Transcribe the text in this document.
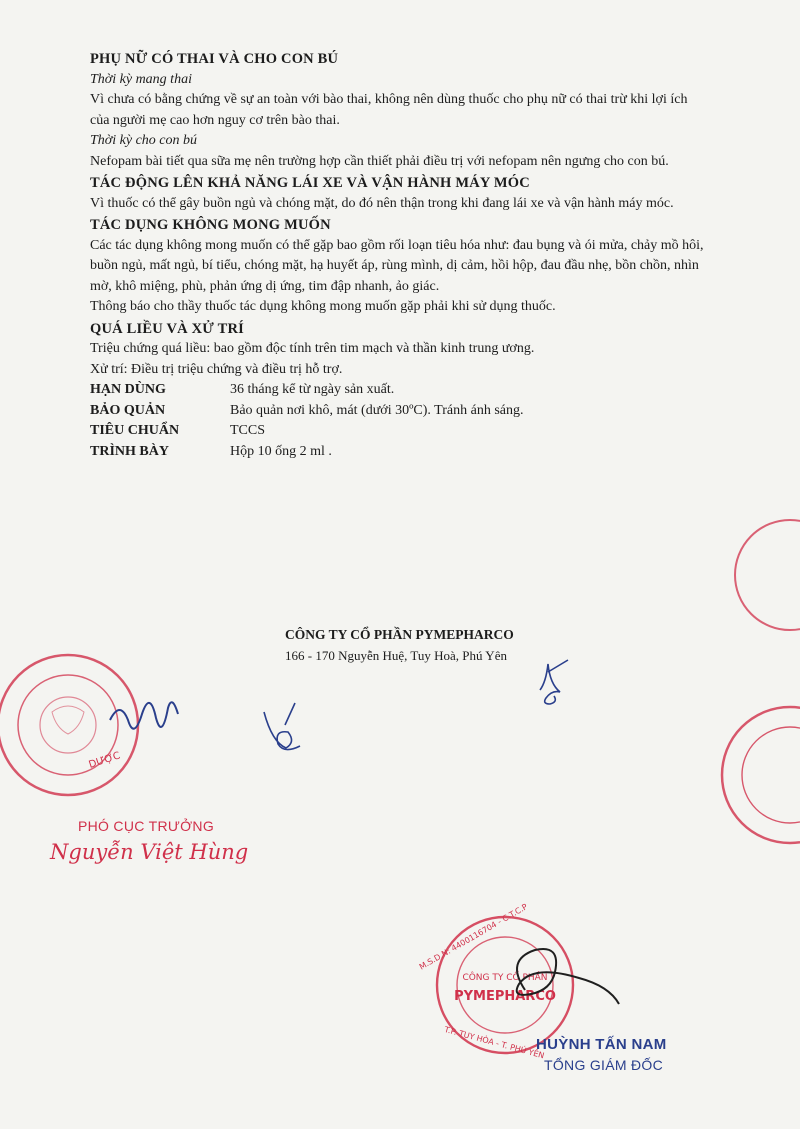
PHỤ NỮ CÓ THAI VÀ CHO CON BÚ
Thời kỳ mang thai

Vì chưa có bằng chứng về sự an toàn với bào thai, không nên dùng thuốc cho phụ nữ có thai trừ khi lợi ích của người mẹ cao hơn nguy cơ trên bào thai.

Thời kỳ cho con bú

Nefopam bài tiết qua sữa mẹ nên trường hợp cần thiết phải điều trị với nefopam nên ngưng cho con bú.

TÁC ĐỘNG LÊN KHẢ NĂNG LÁI XE VÀ VẬN HÀNH MÁY MÓC

Vì thuốc có thể gây buồn ngủ và chóng mặt, do đó nên thận trong khi đang lái xe và vận hành máy móc.

TÁC DỤNG KHÔNG MONG MUỐN

Các tác dụng không mong muốn có thể gặp bao gồm rối loạn tiêu hóa như: đau bụng và ói mửa, chảy mồ hôi, buồn ngủ, mất ngủ, bí tiểu, chóng mặt, hạ huyết áp, rùng mình, dị cảm, hồi hộp, đau đầu nhẹ, bồn chồn, nhìn mờ, khô miệng, phù, phản ứng dị ứng, tim đập nhanh, ảo giác.

Thông báo cho thầy thuốc tác dụng không mong muốn gặp phải khi sử dụng thuốc.

QUÁ LIỀU VÀ XỬ TRÍ

Triệu chứng quá liều: bao gồm độc tính trên tim mạch và thần kinh trung ương.

Xử trí: Điều trị triệu chứng và điều trị hỗ trợ.

HẠN DÙNG	36 tháng kể từ ngày sản xuất.
BẢO QUẢN	Bảo quản nơi khô, mát (dưới 30ºC). Tránh ánh sáng.
TIÊU CHUẨN	TCCS
TRÌNH BÀY	Hộp 10 ống 2 ml .
CÔNG TY CỔ PHẦN PYMEPHARCO
166 - 170 Nguyễn Huệ, Tuy Hoà, Phú Yên
DƯỢC
CÔNG TY CỔ PHẦN
PYMEPHARCO
M.S.D.N: 4400116704 - C.T.C.P
T.P. TUY HÒA - T. PHÚ YÊN
PHÓ CỤC TRƯỞNG
Nguyễn Việt Hùng
HUỲNH TẤN NAM
TỔNG GIÁM ĐỐC
